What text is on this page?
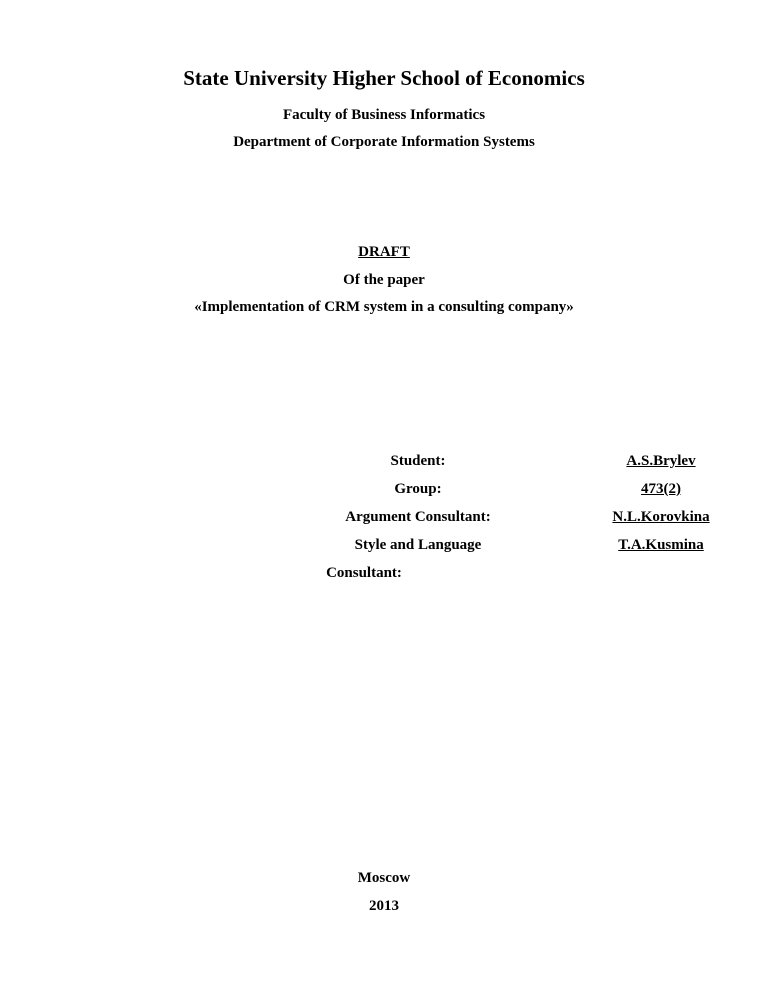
State University Higher School of Economics
Faculty of Business Informatics
Department of Corporate Information Systems
DRAFT
Of the paper
«Implementation of CRM system in a consulting company»
Student:	A.S.Brylev
Group:	473(2)
Argument Consultant:	N.L.Korovkina
Style and Language	T.A.Kusmina
Consultant:
Moscow
2013
